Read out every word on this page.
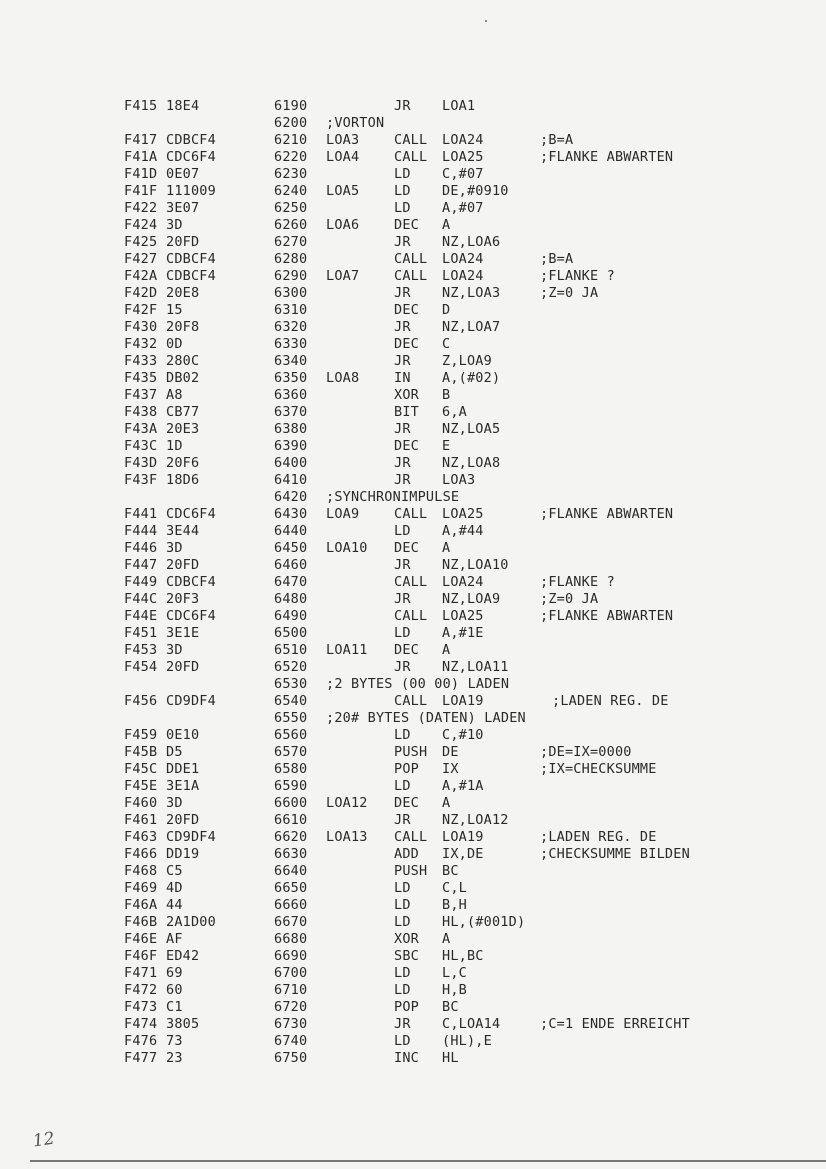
F415 18E4	6190	JR LOA1
6200 ;VORTON
F417 CDBCF4	6210 LOA3	CALL LOA24	;B=A
F41A CDC6F4	6220 LOA4	CALL LOA25	;FLANKE ABWARTEN
F41D 0E07	6230	LD C,#07
F41F 111009	6240 LOA5	LD DE,#0910
F422 3E07	6250	LD A,#07
F424 3D	6260 LOA6	DEC A
F425 20FD	6270	JR NZ,LOA6
F427 CDBCF4	6280	CALL LOA24	;B=A
F42A CDBCF4	6290 LOA7	CALL LOA24	;FLANKE ?
F42D 20E8	6300	JR NZ,LOA3	;Z=0 JA
F42F 15	6310	DEC D
F430 20F8	6320	JR NZ,LOA7
F432 0D	6330	DEC C
F433 280C	6340	JR Z,LOA9
F435 DB02	6350 LOA8	IN A,(#02)
F437 A8	6360	XOR B
F438 CB77	6370	BIT 6,A
F43A 20E3	6380	JR NZ,LOA5
F43C 1D	6390	DEC E
F43D 20F6	6400	JR NZ,LOA8
F43F 18D6	6410	JR LOA3
6420 ;SYNCHRONIMPULSE
F441 CDC6F4	6430 LOA9	CALL LOA25	;FLANKE ABWARTEN
F444 3E44	6440	LD A,#44
F446 3D	6450 LOA10 DEC A
F447 20FD	6460	JR NZ,LOA10
F449 CDBCF4	6470	CALL LOA24	;FLANKE ?
F44C 20F3	6480	JR NZ,LOA9	;Z=0 JA
F44E CDC6F4	6490	CALL LOA25	;FLANKE ABWARTEN
F451 3E1E	6500	LD A,#1E
F453 3D	6510 LOA11 DEC A
F454 20FD	6520	JR NZ,LOA11
6530 ;2 BYTES (00 00) LADEN
F456 CD9DF4	6540	CALL LOA19	;LADEN REG. DE
6550 ;20# BYTES (DATEN) LADEN
F459 0E10	6560	LD C,#10
F45B D5	6570	PUSH DE	;DE=IX=0000
F45C DDE1	6580	POP IX	;IX=CHECKSUMME
F45E 3E1A	6590	LD A,#1A
F460 3D	6600 LOA12 DEC A
F461 20FD	6610	JR NZ,LOA12
F463 CD9DF4	6620 LOA13 CALL LOA19	;LADEN REG. DE
F466 DD19	6630	ADD IX,DE	;CHECKSUMME BILDEN
F468 C5	6640	PUSH BC
F469 4D	6650	LD C,L
F46A 44	6660	LD B,H
F46B 2A1D00	6670	LD HL,(#001D)
F46E AF	6680	XOR A
F46F ED42	6690	SBC HL,BC
F471 69	6700	LD L,C
F472 60	6710	LD H,B
F473 C1	6720	POP BC
F474 3805	6730	JR C,LOA14	;C=1 ENDE ERREICHT
F476 73	6740	LD (HL),E
F477 23	6750	INC HL
12
